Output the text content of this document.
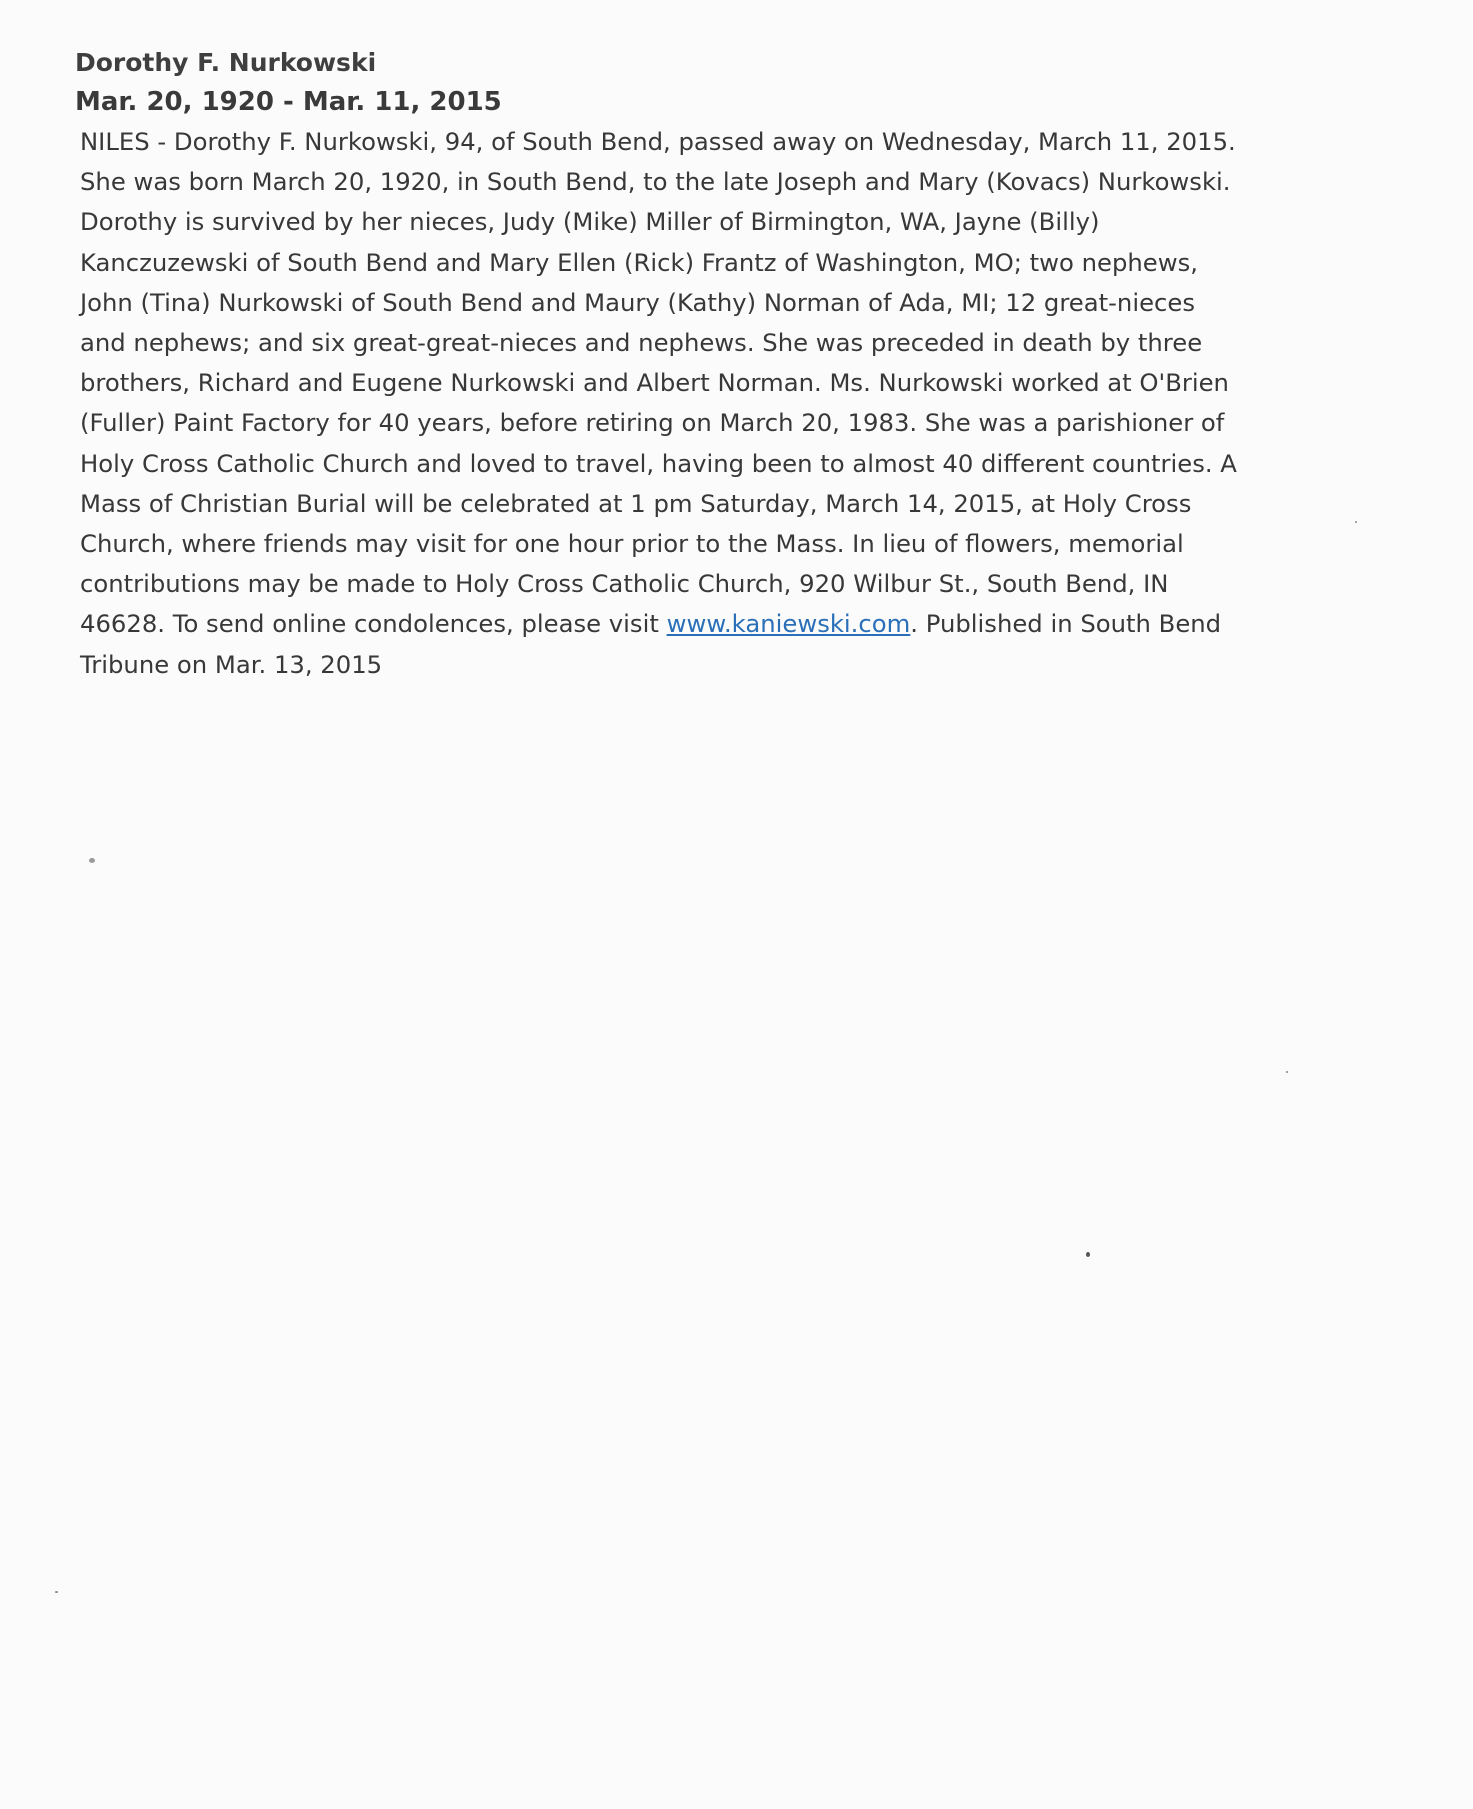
Dorothy F. Nurkowski
Mar. 20, 1920 - Mar. 11, 2015
NILES - Dorothy F. Nurkowski, 94, of South Bend, passed away on Wednesday, March 11, 2015.
She was born March 20, 1920, in South Bend, to the late Joseph and Mary (Kovacs) Nurkowski.
Dorothy is survived by her nieces, Judy (Mike) Miller of Birmington, WA, Jayne (Billy)
Kanczuzewski of South Bend and Mary Ellen (Rick) Frantz of Washington, MO; two nephews,
John (Tina) Nurkowski of South Bend and Maury (Kathy) Norman of Ada, MI; 12 great-nieces
and nephews; and six great-great-nieces and nephews. She was preceded in death by three
brothers, Richard and Eugene Nurkowski and Albert Norman. Ms. Nurkowski worked at O'Brien
(Fuller) Paint Factory for 40 years, before retiring on March 20, 1983. She was a parishioner of
Holy Cross Catholic Church and loved to travel, having been to almost 40 different countries. A
Mass of Christian Burial will be celebrated at 1 pm Saturday, March 14, 2015, at Holy Cross
Church, where friends may visit for one hour prior to the Mass. In lieu of flowers, memorial
contributions may be made to Holy Cross Catholic Church, 920 Wilbur St., South Bend, IN
46628. To send online condolences, please visit www.kaniewski.com. Published in South Bend
Tribune on Mar. 13, 2015
